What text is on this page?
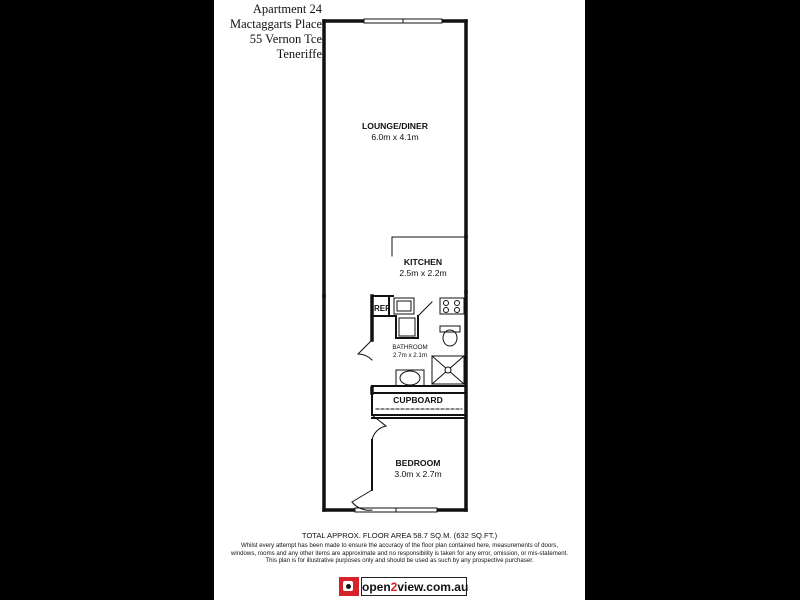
Apartment 24
Mactaggarts Place
55 Vernon Tce
Teneriffe
LOUNGE/DINER
6.0m x 4.1m
KITCHEN
2.5m x 2.2m
REF
BATHROOM
2.7m x 2.1m
CUPBOARD
BEDROOM
3.0m x 2.7m
TOTAL APPROX. FLOOR AREA 58.7 SQ.M. (632 SQ.FT.)
Whilst every attempt has been made to ensure the accuracy of the floor plan contained here, measurements of doors, windows, rooms and any other items are approximate and no responsibility is taken for any error, omission, or mis-statement. This plan is for illustrative purposes only and should be used as such by any prospective purchaser.
open2view.com.au
